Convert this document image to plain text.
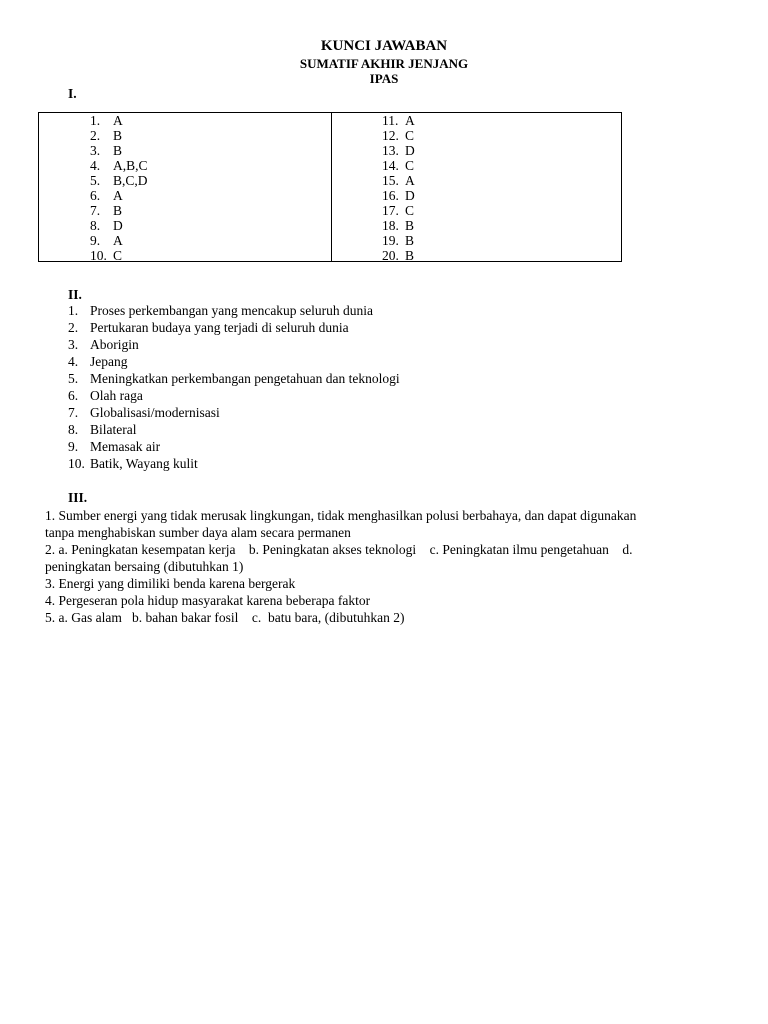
KUNCI JAWABAN
SUMATIF AKHIR JENJANG
IPAS
I.
1. A
2. B
3. B
4. A,B,C
5. B,C,D
6. A
7. B
8. D
9. A
10. C
11. A
12. C
13. D
14. C
15. A
16. D
17. C
18. B
19. B
20. B
II.
1. Proses perkembangan yang mencakup seluruh dunia
2. Pertukaran budaya yang terjadi di seluruh dunia
3. Aborigin
4. Jepang
5. Meningkatkan perkembangan pengetahuan dan teknologi
6. Olah raga
7. Globalisasi/modernisasi
8. Bilateral
9. Memasak air
10. Batik, Wayang kulit
III.
1. Sumber energi yang tidak merusak lingkungan, tidak menghasilkan polusi berbahaya, dan dapat digunakan
tanpa menghabiskan sumber daya alam secara permanen
2. a. Peningkatan kesempatan kerja    b. Peningkatan akses teknologi    c. Peningkatan ilmu pengetahuan    d.
peningkatan bersaing (dibutuhkan 1)
3. Energi yang dimiliki benda karena bergerak
4. Pergeseran pola hidup masyarakat karena beberapa faktor
5. a. Gas alam   b. bahan bakar fosil    c.  batu bara, (dibutuhkan 2)
